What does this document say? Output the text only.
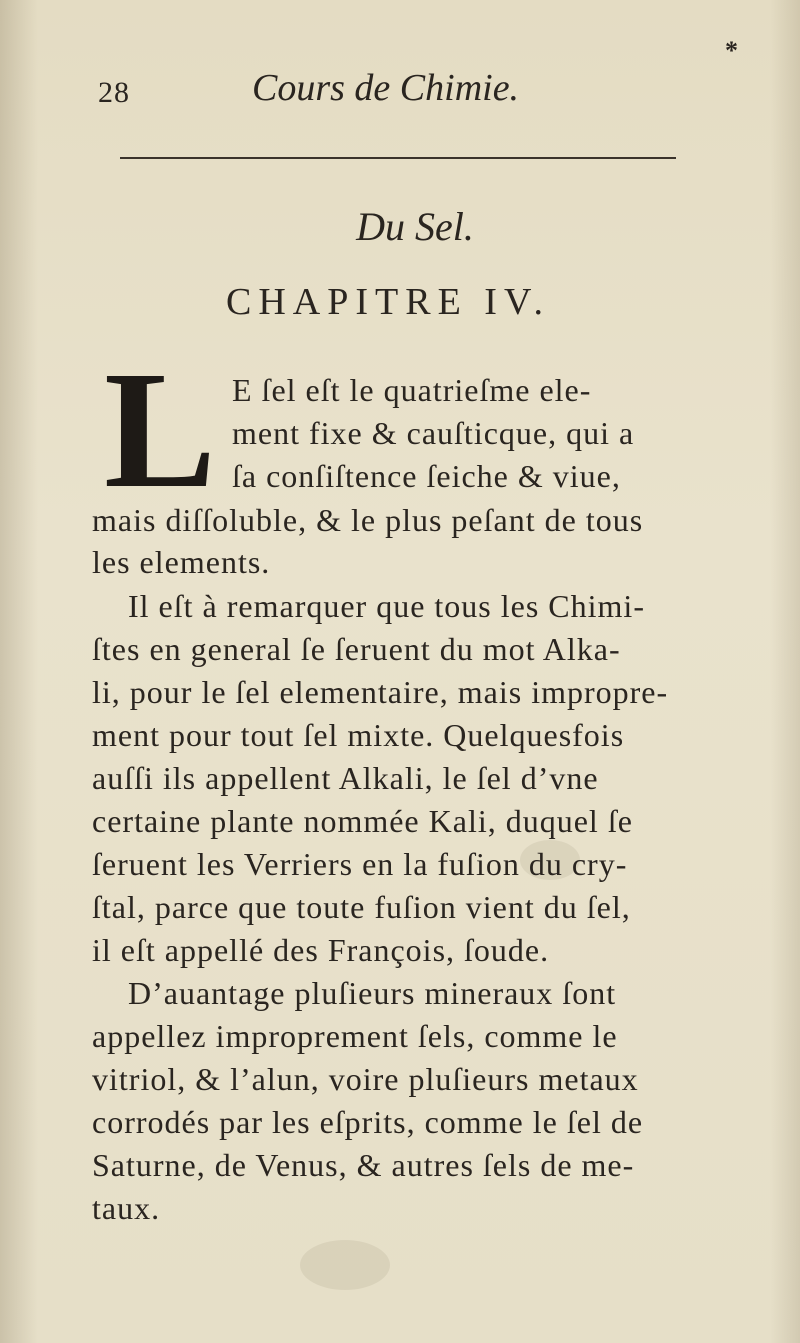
28	Cours de Chimie.
*
Du Sel.
CHAPITRE IV.
L E ſel eſt le quatrieſme ele-
ment fixe & cauſticque, qui a
ſa conſiſtence ſeiche & viue,
mais diſſoluble, & le plus peſant de tous
les elements.
Il eſt à remarquer que tous les Chimi-
ſtes en general ſe ſeruent du mot Alka-
li, pour le ſel elementaire, mais impropre-
ment pour tout ſel mixte. Quelquesfois
auſſi ils appellent Alkali, le ſel d’vne
certaine plante nommée Kali, duquel ſe
ſeruent les Verriers en la fuſion du cry-
ſtal, parce que toute fuſion vient du ſel,
il eſt appellé des François, ſoude.
D’auantage pluſieurs mineraux ſont
appellez improprement ſels, comme le
vitriol, & l’alun, voire pluſieurs metaux
corrodés par les eſprits, comme le ſel de
Saturne, de Venus, & autres ſels de me-
taux.
